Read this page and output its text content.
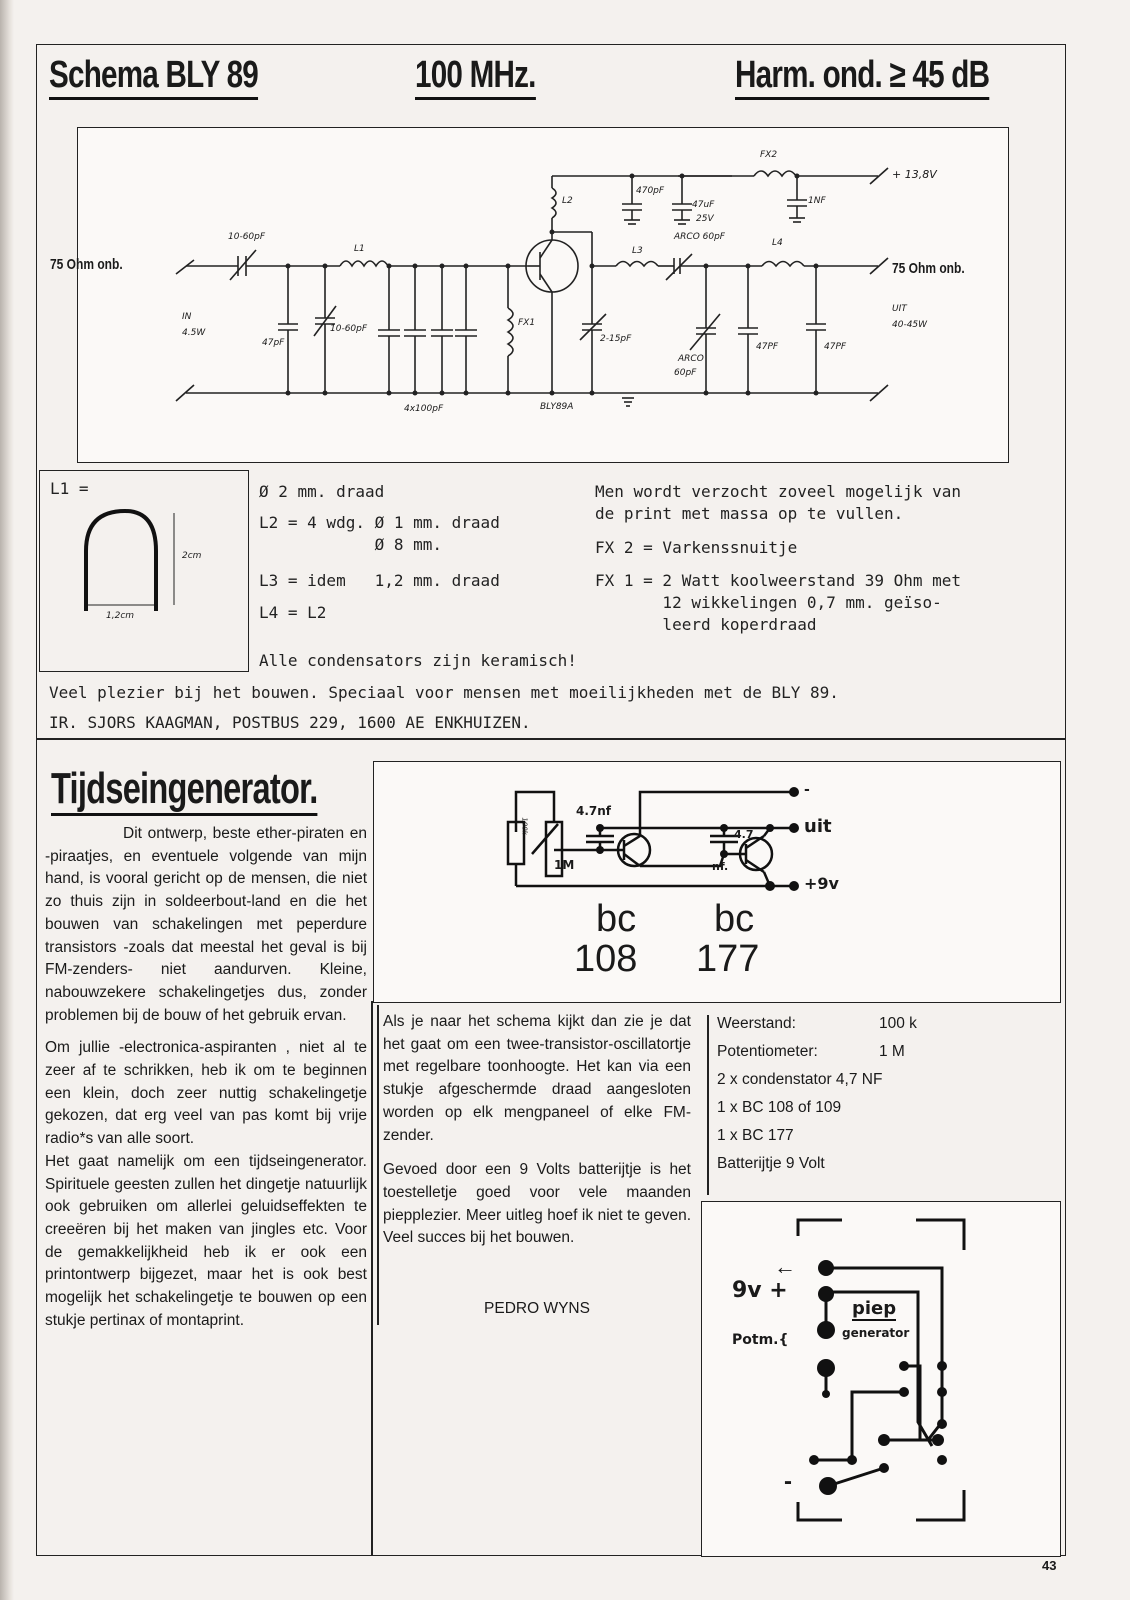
Schema BLY 89	100 MHz.	Harm. ond. ≥ 45 dB
75 Ohm onb.
IN
4.5W
75 Ohm onb.
UIT
40-45W
+ 13,8V
BLY89A
10-60pF
47pF
10-60pF
L1
4x100pF
FX1
L2
470pF
47uF
25V
FX2
1NF
L3
ARCO 60pF
L4
2-15pF
ARCO
60pF
47PF	47PF
L1 =
2cm
1,2cm
Ø 2 mm. draad
L2 = 4 wdg. Ø 1 mm. draad
Ø 8 mm.
L3 = idem   1,2 mm. draad
L4 = L2
Alle condensators zijn keramisch!
Men wordt verzocht zoveel mogelijk van
de print met massa op te vullen.
FX 2 = Varkenssnuitje
FX 1 = 2 Watt koolweerstand 39 Ohm met
12 wikkelingen 0,7 mm. geïso-
leerd koperdraad
Veel plezier bij het bouwen. Speciaal voor mensen met moeilijkheden met de BLY 89.
IR. SJORS KAAGMAN, POSTBUS 229, 1600 AE ENKHUIZEN.
Tijdseingenerator.

Dit ontwerp, beste ether-piraten en -piraatjes, en eventuele volgende van mijn hand, is vooral gericht op de mensen, die niet zo thuis zijn in soldeerbout-land en die het bouwen van schakelingen met peperdure transistors -zoals dat meestal het geval is bij FM-zenders- niet aandurven. Kleine, nabouwzekere schakelingetjes dus, zonder problemen bij de bouw of het gebruik ervan.

Om jullie -electronica-aspiranten , niet al te zeer af te schrikken, heb ik om te beginnen een klein, doch zeer nuttig schakelingetje gekozen, dat erg veel van pas komt bij vrije radio*s van alle soort.

Het gaat namelijk om een tijdseingenerator. Spirituele geesten zullen het dingetje natuurlijk ook gebruiken om allerlei geluidseffekten te creeëren bij het maken van jingles etc. Voor de gemakkelijkheid heb ik er ook een printontwerp bijgezet, maar het is ook best mogelijk het schakelingetje te bouwen op een stukje pertinax of montaprint.

100k
1M
4.7nf
4.7
nf.
-
uit
+9v
bc
108
bc
177

Als je naar het schema kijkt dan zie je dat het gaat om een twee-transistor-oscillatortje met regelbare toonhoogte. Het kan via een stukje afgeschermde draad aangesloten worden op elk mengpaneel of elke FM-zender.

Gevoed door een 9 Volts batterijtje is het toestelletje goed voor vele maanden piepplezier. Meer uitleg hoef ik niet te geven. Veel succes bij het bouwen.

PEDRO WYNS

Weerstand:	100 k
Potentiometer:	1 M
2 x condenstator 4,7 NF
1 x BC 108 of 109
1 x BC 177
Batterijtje 9 Volt
←
9v +
Potm.{
piep
generator
-
43
